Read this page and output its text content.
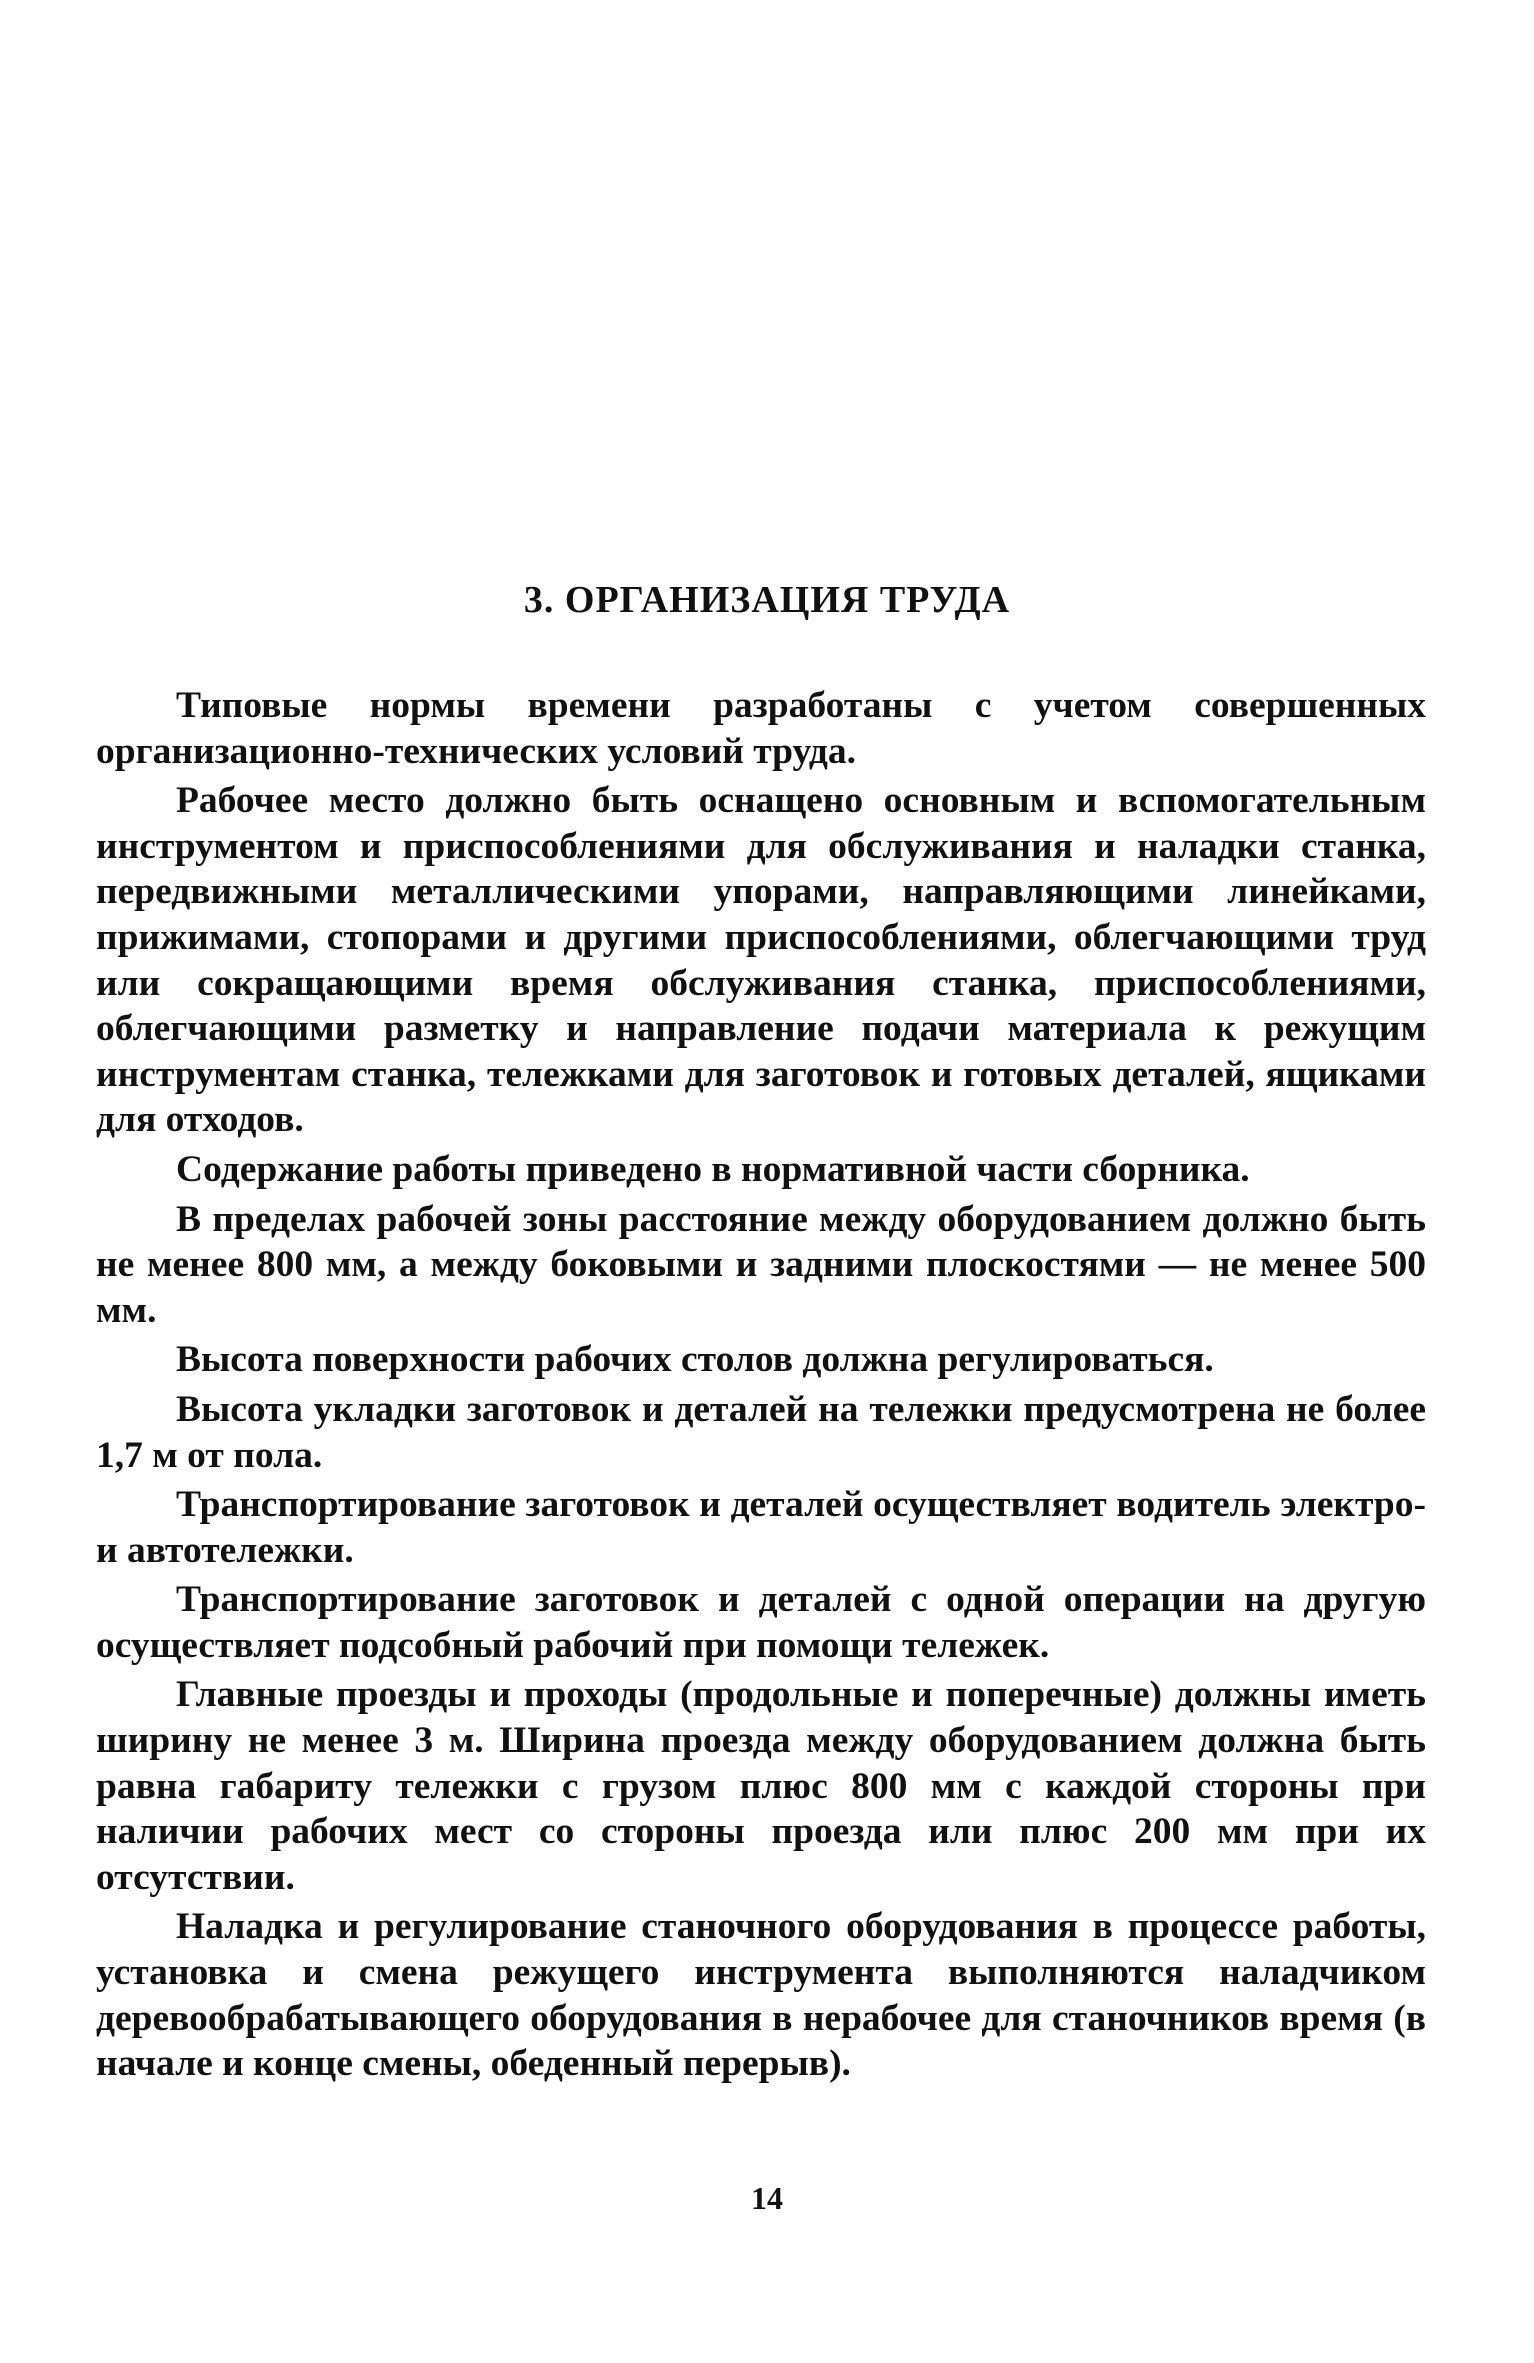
3. ОРГАНИЗАЦИЯ ТРУДА

Типовые нормы времени разработаны с учетом совершенных организационно-технических условий труда.

Рабочее место должно быть оснащено основным и вспомогательным инструментом и приспособлениями для обслуживания и наладки станка, передвижными металлическими упорами, направляющими линейками, прижимами, стопорами и другими приспособлениями, облегчающими труд или сокращающими время обслуживания станка, приспособлениями, облегчающими разметку и направление подачи материала к режущим инструментам станка, тележками для заготовок и готовых деталей, ящиками для отходов.

Содержание работы приведено в нормативной части сборника.

В пределах рабочей зоны расстояние между оборудованием должно быть не менее 800 мм, а между боковыми и задними плоскостями — не менее 500 мм.

Высота поверхности рабочих столов должна регулироваться.

Высота укладки заготовок и деталей на тележки предусмотрена не более 1,7 м от пола.

Транспортирование заготовок и деталей осуществляет водитель электро- и автотележки.

Транспортирование заготовок и деталей с одной операции на другую осуществляет подсобный рабочий при помощи тележек.

Главные проезды и проходы (продольные и поперечные) должны иметь ширину не менее 3 м. Ширина проезда между оборудованием должна быть равна габариту тележки с грузом плюс 800 мм с каждой стороны при наличии рабочих мест со стороны проезда или плюс 200 мм при их отсутствии.

Наладка и регулирование станочного оборудования в процессе работы, установка и смена режущего инструмента выполняются наладчиком деревообрабатывающего оборудования в нерабочее для станочников время (в начале и конце смены, обеденный перерыв).

14
